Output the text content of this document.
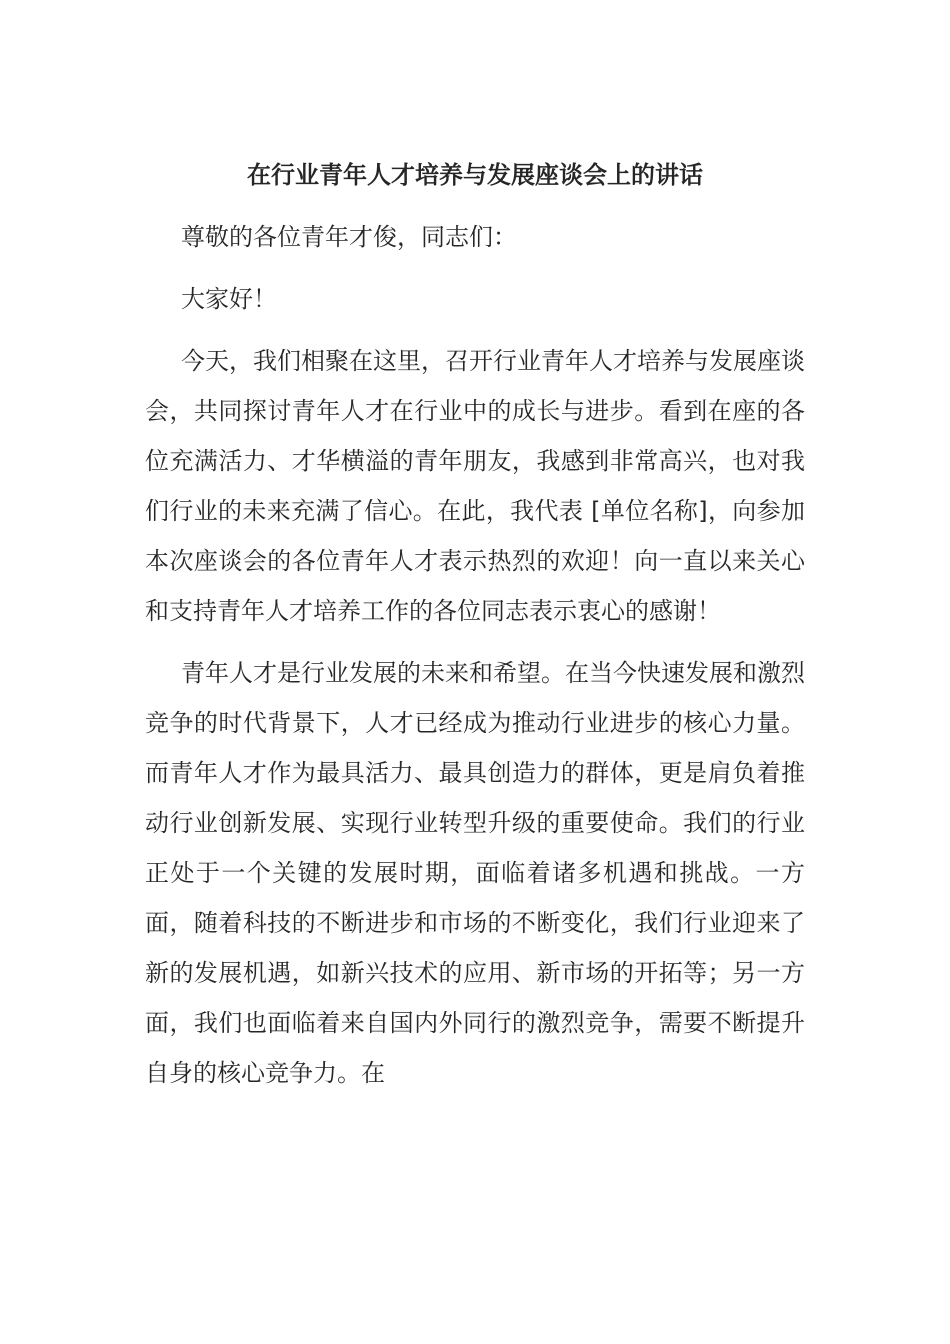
在行业青年人才培养与发展座谈会上的讲话
尊敬的各位青年才俊，同志们：
大家好！
今天，我们相聚在这里，召开行业青年人才培养与发展座谈会，共同探讨青年人才在行业中的成长与进步。看到在座的各位充满活力、才华横溢的青年朋友，我感到非常高兴，也对我们行业的未来充满了信心。在此，我代表 [单位名称]，向参加本次座谈会的各位青年人才表示热烈的欢迎！向一直以来关心和支持青年人才培养工作的各位同志表示衷心的感谢！
青年人才是行业发展的未来和希望。在当今快速发展和激烈竞争的时代背景下，人才已经成为推动行业进步的核心力量。而青年人才作为最具活力、最具创造力的群体，更是肩负着推动行业创新发展、实现行业转型升级的重要使命。我们的行业正处于一个关键的发展时期，面临着诸多机遇和挑战。一方面，随着科技的不断进步和市场的不断变化，我们行业迎来了新的发展机遇，如新兴技术的应用、新市场的开拓等；另一方面，我们也面临着来自国内外同行的激烈竞争，需要不断提升自身的核心竞争力。在
